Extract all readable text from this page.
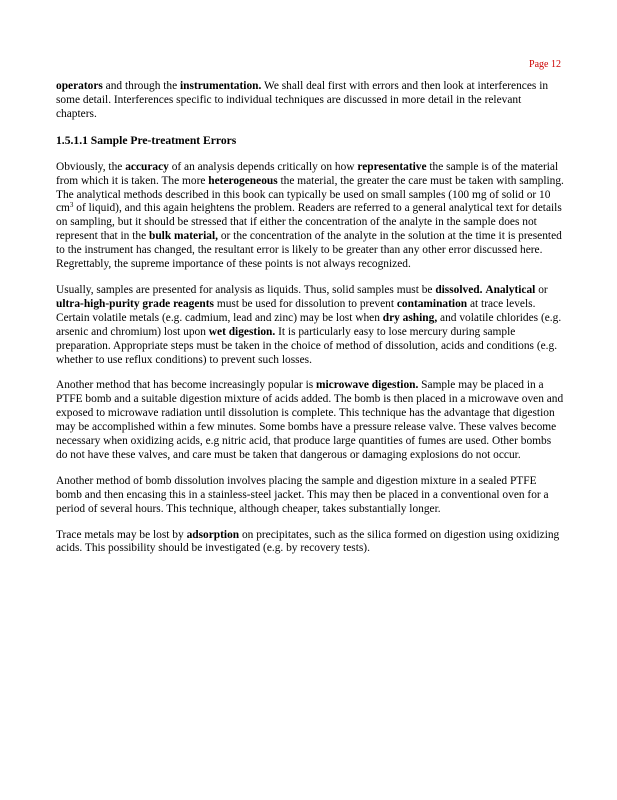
Page 12

operators and through the instrumentation. We shall deal first with errors and then look at interferences in some detail. Interferences specific to individual techniques are discussed in more detail in the relevant chapters.

1.5.1.1 Sample Pre-treatment Errors

Obviously, the accuracy of an analysis depends critically on how representative the sample is of the material from which it is taken. The more heterogeneous the material, the greater the care must be taken with sampling. The analytical methods described in this book can typically be used on small samples (100 mg of solid or 10 $cm^3$ of liquid), and this again heightens the problem. Readers are referred to a general analytical text for details on sampling, but it should be stressed that if either the concentration of the analyte in the sample does not represent that in the bulk material, or the concentration of the analyte in the solution at the time it is presented to the instrument has changed, the resultant error is likely to be greater than any other error discussed here. Regrettably, the supreme importance of these points is not always recognized.

Usually, samples are presented for analysis as liquids. Thus, solid samples must be dissolved. Analytical or ultra-high-purity grade reagents must be used for dissolution to prevent contamination at trace levels. Certain volatile metals (e.g. cadmium, lead and zinc) may be lost when dry ashing, and volatile chlorides (e.g. arsenic and chromium) lost upon wet digestion. It is particularly easy to lose mercury during sample preparation. Appropriate steps must be taken in the choice of method of dissolution, acids and conditions (e.g. whether to use reflux conditions) to prevent such losses.

Another method that has become increasingly popular is microwave digestion. Sample may be placed in a PTFE bomb and a suitable digestion mixture of acids added. The bomb is then placed in a microwave oven and exposed to microwave radiation until dissolution is complete. This technique has the advantage that digestion may be accomplished within a few minutes. Some bombs have a pressure release valve. These valves become necessary when oxidizing acids, e.g nitric acid, that produce large quantities of fumes are used. Other bombs do not have these valves, and care must be taken that dangerous or damaging explosions do not occur.

Another method of bomb dissolution involves placing the sample and digestion mixture in a sealed PTFE bomb and then encasing this in a stainless-steel jacket. This may then be placed in a conventional oven for a period of several hours. This technique, although cheaper, takes substantially longer.

Trace metals may be lost by adsorption on precipitates, such as the silica formed on digestion using oxidizing acids. This possibility should be investigated (e.g. by recovery tests).
